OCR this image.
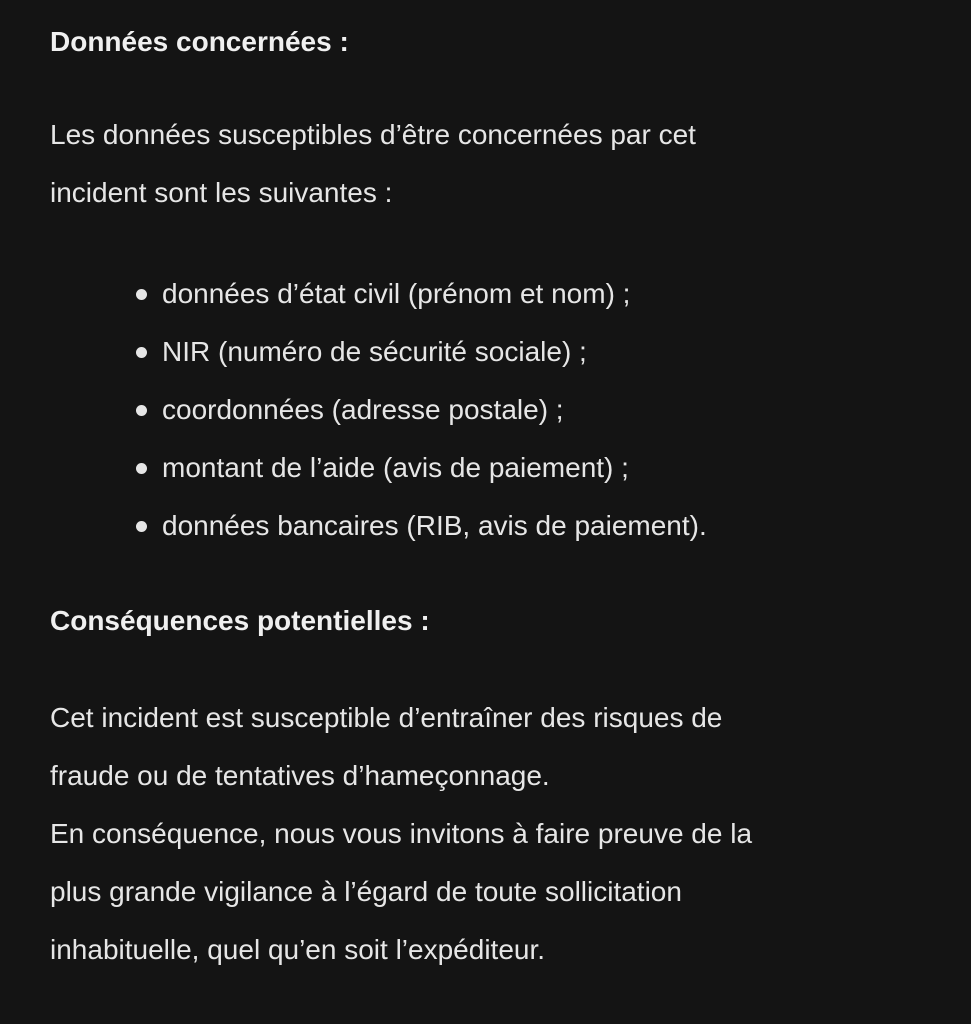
Données concernées :

Les données susceptibles d’être concernées par cet
incident sont les suivantes :

données d’état civil (prénom et nom) ;
NIR (numéro de sécurité sociale) ;
coordonnées (adresse postale) ;
montant de l’aide (avis de paiement) ;
données bancaires (RIB, avis de paiement).
Conséquences potentielles :

Cet incident est susceptible d’entraîner des risques de
fraude ou de tentatives d’hameçonnage.
En conséquence, nous vous invitons à faire preuve de la
plus grande vigilance à l’égard de toute sollicitation
inhabituelle, quel qu’en soit l’expéditeur.
